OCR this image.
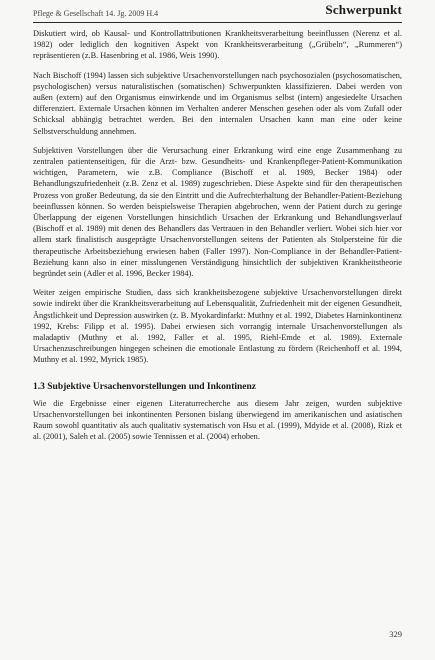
Pflege & Gesellschaft 14. Jg. 2009 H.4	Schwerpunkt

Diskutiert wird, ob Kausal- und Kontrollattributionen Krankheitsverarbeitung beeinflussen (Nerenz et al. 1982) oder lediglich den kognitiven Aspekt von Krankheitsverarbeitung („Grübeln“, „Rummeren“) repräsentieren (z.B. Hasenbring et al. 1986, Weis 1990).

Nach Bischoff (1994) lassen sich subjektive Ursachenvorstellungen nach psychosozialen (psychosomatischen, psychologischen) versus naturalistischen (somatischen) Schwerpunkten klassifizieren. Dabei werden von außen (extern) auf den Organismus einwirkende und im Organismus selbst (intern) angesiedelte Ursachen differenziert. Externale Ursachen können im Verhalten anderer Menschen gesehen oder als vom Zufall oder Schicksal abhängig betrachtet werden. Bei den internalen Ursachen kann man eine oder keine Selbstverschuldung annehmen.

Subjektiven Vorstellungen über die Verursachung einer Erkrankung wird eine enge Zusammenhang zu zentralen patientenseitigen, für die Arzt- bzw. Gesundheits- und Krankenpfleger-Patient-Kommunikation wichtigen, Parametern, wie z.B. Compliance (Bischoff et al. 1989, Becker 1984) oder Behandlungszufriedenheit (z.B. Zenz et al. 1989) zugeschrieben. Diese Aspekte sind für den therapeutischen Prozess von großer Bedeutung, da sie den Eintritt und die Aufrechterhaltung der Behandler-Patient-Beziehung beeinflussen können. So werden beispielsweise Therapien abgebrochen, wenn der Patient durch zu geringe Überlappung der eigenen Vorstellungen hinsichtlich Ursachen der Erkrankung und Behandlungsverlauf (Bischoff et al. 1989) mit denen des Behandlers das Vertrauen in den Behandler verliert. Wobei sich hier vor allem stark finalistisch ausgeprägte Ursachenvorstellungen seitens der Patienten als Stolpersteine für die therapeutische Arbeitsbeziehung erwiesen haben (Faller 1997). Non-Compliance in der Behandler-Patient-Beziehung kann also in einer misslungenen Verständigung hinsichtlich der subjektiven Krankheitstheorie begründet sein (Adler et al. 1996, Becker 1984).

Weiter zeigen empirische Studien, dass sich krankheitsbezogene subjektive Ursachenvorstellungen direkt sowie indirekt über die Krankheitsverarbeitung auf Lebensqualität, Zufriedenheit mit der eigenen Gesundheit, Ängstlichkeit und Depression auswirken (z. B. Myokardinfarkt: Muthny et al. 1992, Diabetes Harninkontinenz 1992, Krebs: Filipp et al. 1995). Dabei erwiesen sich vorrangig internale Ursachenvorstellungen als maladaptiv (Muthny et al. 1992, Faller et al. 1995, Riehl-Emde et al. 1989). Externale Ursachenzuschreibungen hingegen scheinen die emotionale Entlastung zu fördern (Reichenhoff et al. 1994, Muthny et al. 1992, Myrick 1985).

1.3 Subjektive Ursachenvorstellungen und Inkontinenz

Wie die Ergebnisse einer eigenen Literaturrecherche aus diesem Jahr zeigen, wurden subjektive Ursachenvorstellungen bei inkontinenten Personen bislang überwiegend im amerikanischen und asiatischen Raum sowohl quantitativ als auch qualitativ systematisch von Hsu et al. (1999), Mdyide et al. (2008), Rizk et al. (2001), Saleh et al. (2005) sowie Tennissen et al. (2004) erhoben.

329
